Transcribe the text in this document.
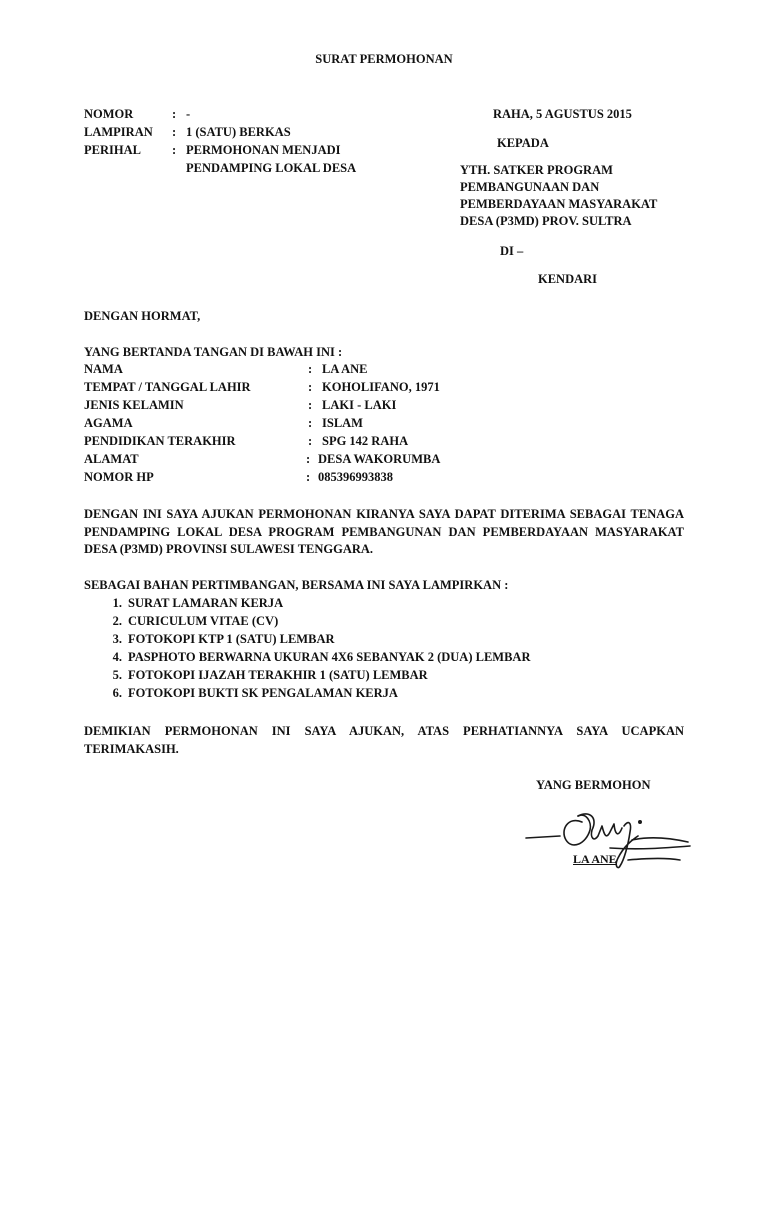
SURAT PERMOHONAN
NOMOR	: -
LAMPIRAN : 1 (SATU) BERKAS
PERIHAL : PERMOHONAN MENJADI
PENDAMPING LOKAL DESA
RAHA, 5 AGUSTUS 2015
KEPADA
YTH. SATKER PROGRAM
PEMBANGUNAAN DAN
PEMBERDAYAAN MASYARAKAT
DESA (P3MD) PROV. SULTRA
DI –
KENDARI
DENGAN HORMAT,
YANG BERTANDA TANGAN DI BAWAH INI :
NAMA	: LA ANE
TEMPAT / TANGGAL LAHIR	: KOHOLIFANO, 1971
JENIS KELAMIN	: LAKI - LAKI
AGAMA	: ISLAM
PENDIDIKAN TERAKHIR	: SPG 142 RAHA
ALAMAT	: DESA WAKORUMBA
NOMOR HP	: 085396993838
DENGAN INI SAYA AJUKAN PERMOHONAN KIRANYA SAYA DAPAT DITERIMA SEBAGAI TENAGA PENDAMPING LOKAL DESA PROGRAM PEMBANGUNAN DAN PEMBERDAYAAN MASYARAKAT DESA (P3MD) PROVINSI SULAWESI TENGGARA.
SEBAGAI BAHAN PERTIMBANGAN, BERSAMA INI SAYA LAMPIRKAN :
1. SURAT LAMARAN KERJA
2. CURICULUM VITAE (CV)
3. FOTOKOPI KTP 1 (SATU) LEMBAR
4. PASPHOTO BERWARNA UKURAN 4X6 SEBANYAK 2 (DUA) LEMBAR
5. FOTOKOPI IJAZAH TERAKHIR 1 (SATU) LEMBAR
6. FOTOKOPI BUKTI SK PENGALAMAN KERJA
DEMIKIAN PERMOHONAN INI SAYA AJUKAN, ATAS PERHATIANNYA SAYA UCAPKAN TERIMAKASIH.
YANG BERMOHON
LA ANE
